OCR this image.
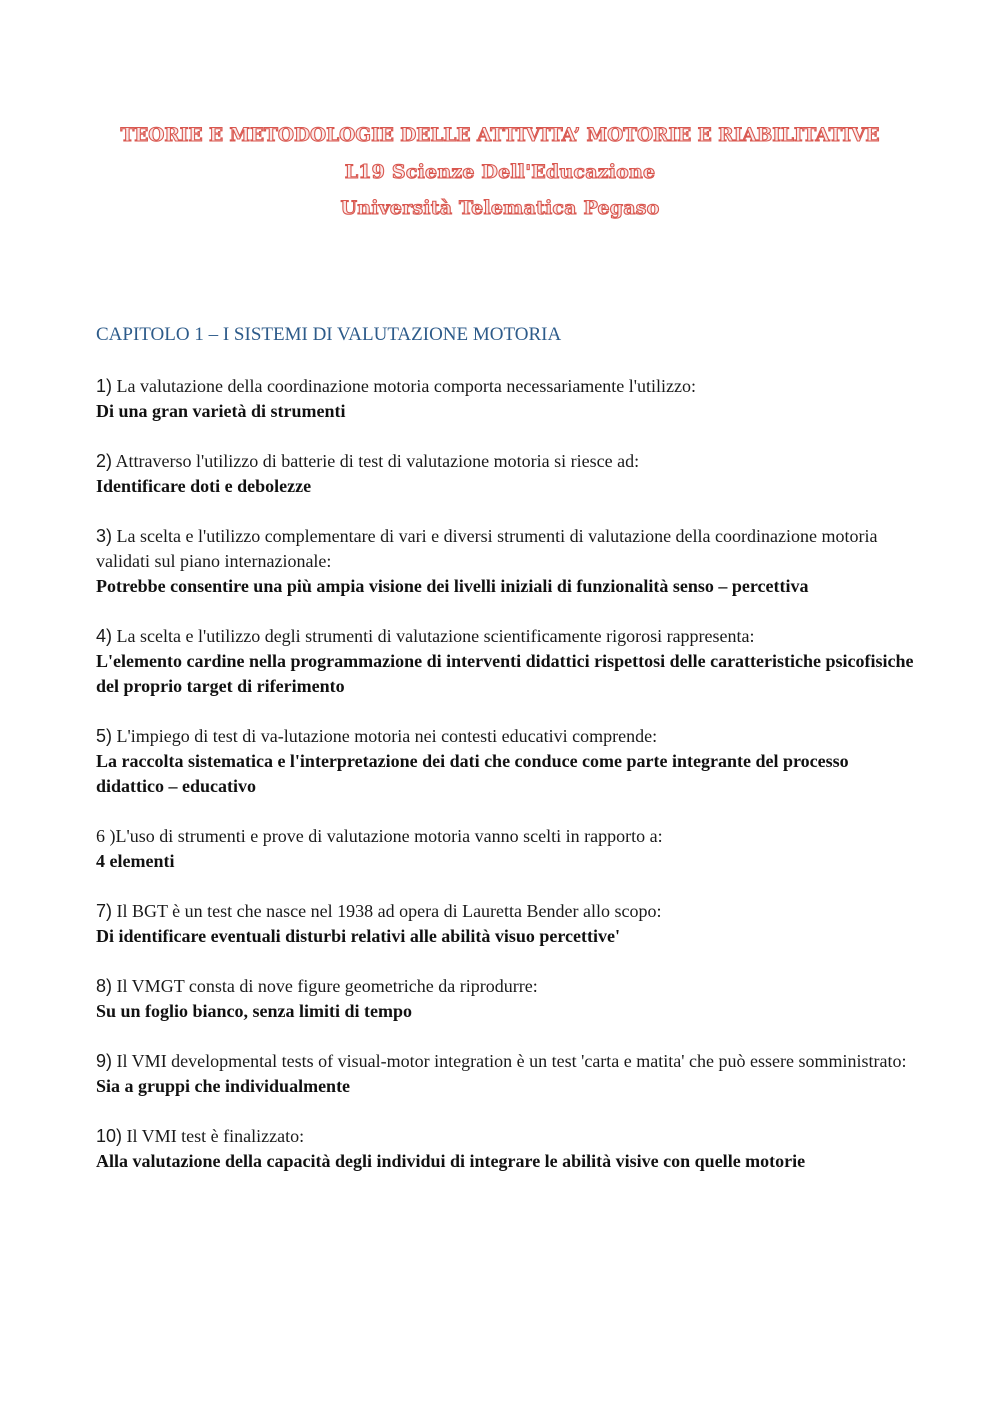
TEORIE E METODOLOGIE DELLE ATTIVITA’ MOTORIE E RIABILITATIVE
L19 Scienze Dell'Educazione
Università Telematica Pegaso
CAPITOLO 1 – I SISTEMI DI VALUTAZIONE MOTORIA
1) La valutazione della coordinazione motoria comporta necessariamente l'utilizzo:
Di una gran varietà di strumenti
2) Attraverso l'utilizzo di batterie di test di valutazione motoria si riesce ad:
Identificare doti e debolezze
3) La scelta e l'utilizzo complementare di vari e diversi strumenti di valutazione della coordinazione motoria validati sul piano internazionale:
Potrebbe consentire una più ampia visione dei livelli iniziali di funzionalità senso – percettiva
4) La scelta e l'utilizzo degli strumenti di valutazione scientificamente rigorosi rappresenta:
L'elemento cardine nella programmazione di interventi didattici rispettosi delle caratteristiche psicofisiche del proprio target di riferimento
5) L'impiego di test di va-lutazione motoria nei contesti educativi comprende:
La raccolta sistematica e l'interpretazione dei dati che conduce come parte integrante del processo didattico – educativo
6 )L'uso di strumenti e prove di valutazione motoria vanno scelti in rapporto a:
4 elementi
7) Il BGT è un test che nasce nel 1938 ad opera di Lauretta Bender allo scopo:
Di identificare eventuali disturbi relativi alle abilità visuo percettive'
8) Il VMGT consta di nove figure geometriche da riprodurre:
Su un foglio bianco, senza limiti di tempo
9) Il VMI developmental tests of visual-motor integration è un test 'carta e matita' che può essere somministrato:
Sia a gruppi che individualmente
10) Il VMI test è finalizzato:
Alla valutazione della capacità degli individui di integrare le abilità visive con quelle motorie
